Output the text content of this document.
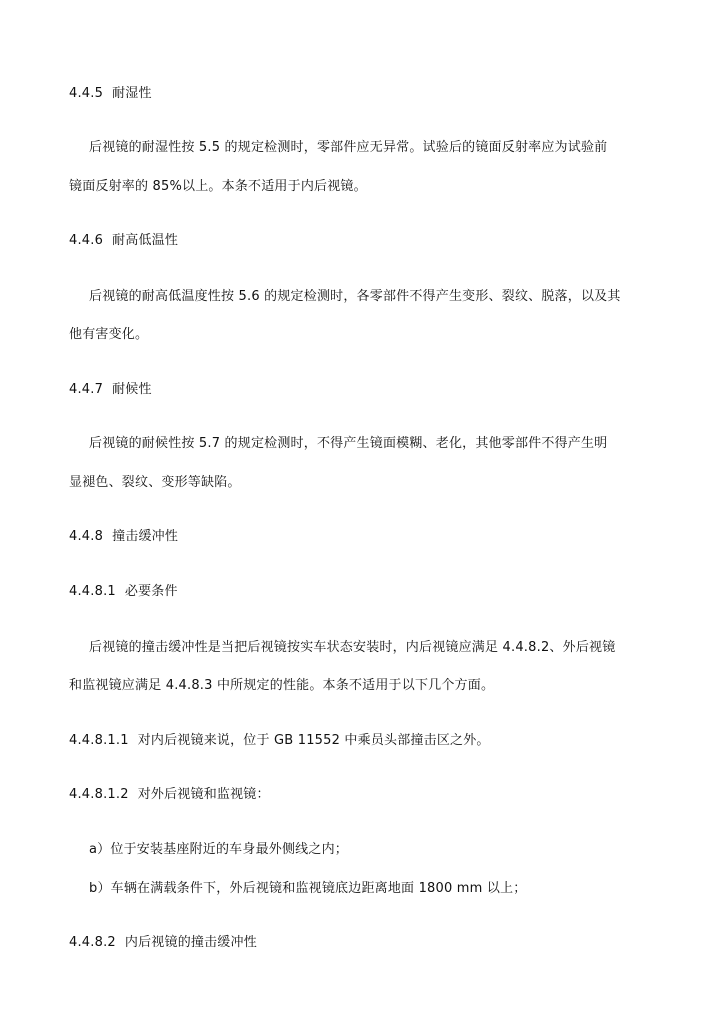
4.4.5 耐湿性
后视镜的耐湿性按 5.5 的规定检测时，零部件应无异常。试验后的镜面反射率应为试验前
镜面反射率的 85%以上。本条不适用于内后视镜。
4.4.6 耐高低温性
后视镜的耐高低温度性按 5.6 的规定检测时，各零部件不得产生变形、裂纹、脱落，以及其
他有害变化。
4.4.7 耐候性
后视镜的耐候性按 5.7 的规定检测时，不得产生镜面模糊、老化，其他零部件不得产生明
显褪色、裂纹、变形等缺陷。
4.4.8 撞击缓冲性
4.4.8.1 必要条件
后视镜的撞击缓冲性是当把后视镜按实车状态安装时，内后视镜应满足 4.4.8.2、外后视镜
和监视镜应满足 4.4.8.3 中所规定的性能。本条不适用于以下几个方面。
4.4.8.1.1 对内后视镜来说，位于 GB 11552 中乘员头部撞击区之外。
4.4.8.1.2 对外后视镜和监视镜：
a）位于安装基座附近的车身最外侧线之内；
b）车辆在满载条件下，外后视镜和监视镜底边距离地面 1800 mm 以上；
4.4.8.2 内后视镜的撞击缓冲性
